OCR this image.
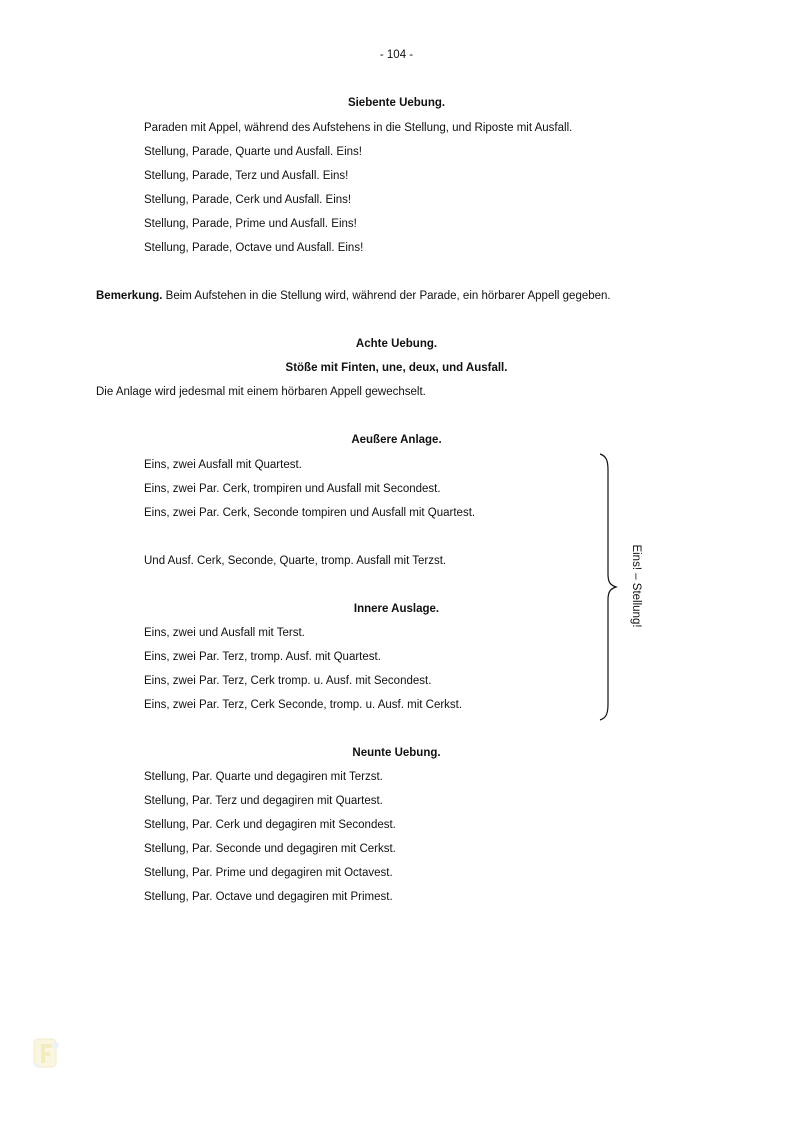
- 104 -
Siebente Uebung.
Paraden mit Appel, während des Aufstehens in die Stellung, und Riposte mit Ausfall.
Stellung, Parade, Quarte und Ausfall. Eins!
Stellung, Parade, Terz und Ausfall. Eins!
Stellung, Parade, Cerk und Ausfall. Eins!
Stellung, Parade, Prime und Ausfall. Eins!
Stellung, Parade, Octave und Ausfall. Eins!
Bemerkung. Beim Aufstehen in die Stellung wird, während der Parade, ein hörbarer Appell gegeben.
Achte Uebung.
Stöße mit Finten, une, deux, und Ausfall.
Die Anlage wird jedesmal mit einem hörbaren Appell gewechselt.
Aeußere Anlage.
Eins, zwei Ausfall mit Quartest.
Eins, zwei Par. Cerk, trompiren und Ausfall mit Secondest.
Eins, zwei Par. Cerk, Seconde tompiren und Ausfall mit Quartest.
Und Ausf. Cerk, Seconde, Quarte, tromp. Ausfall mit Terzst.
Innere Auslage.
Eins, zwei und Ausfall mit Terst.
Eins, zwei Par. Terz, tromp. Ausf. mit Quartest.
Eins, zwei Par. Terz, Cerk tromp. u. Ausf. mit Secondest.
Eins, zwei Par. Terz, Cerk Seconde, tromp. u. Ausf. mit Cerkst.
Eins! – Stellung!
Neunte Uebung.
Stellung, Par. Quarte und degagiren mit Terzst.
Stellung, Par. Terz und degagiren mit Quartest.
Stellung, Par. Cerk und degagiren mit Secondest.
Stellung, Par. Seconde und degagiren mit Cerkst.
Stellung, Par. Prime und degagiren mit Octavest.
Stellung, Par. Octave und degagiren mit Primest.
